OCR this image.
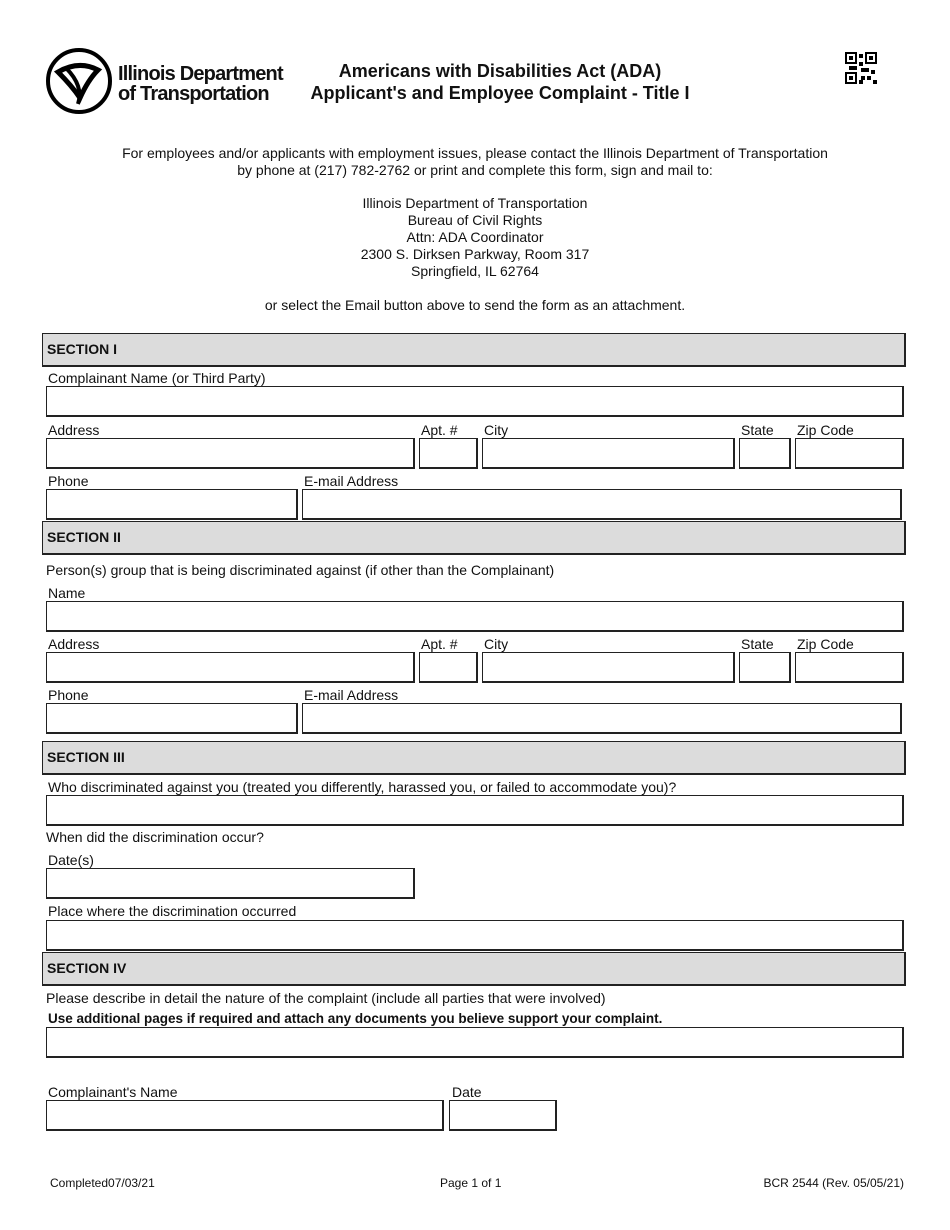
Illinois Department
of Transportation
Americans with Disabilities Act (ADA)
Applicant's and Employee Complaint - Title I
For employees and/or applicants with employment issues, please contact the Illinois Department of Transportation
by phone at (217) 782-2762 or print and complete this form, sign and mail to:
Illinois Department of Transportation
Bureau of Civil Rights
Attn: ADA Coordinator
2300 S. Dirksen Parkway, Room 317
Springfield, IL 62764
or select the Email button above to send the form as an attachment.
SECTION I
Complainant Name (or Third Party)
Address	Apt. # City	State Zip Code
Phone	E-mail Address
SECTION II
Person(s) group that is being discriminated against (if other than the Complainant)
Name
Address	Apt. # City	State Zip Code
Phone	E-mail Address
SECTION III
Who discriminated against you (treated you differently, harassed you, or failed to accommodate you)?
When did the discrimination occur?
Date(s)
Place where the discrimination occurred
SECTION IV
Please describe in detail the nature of the complaint (include all parties that were involved)
Use additional pages if required and attach any documents you believe support your complaint.
Complainant's Name	Date
Completed07/03/21	Page 1 of 1	BCR 2544 (Rev. 05/05/21)
